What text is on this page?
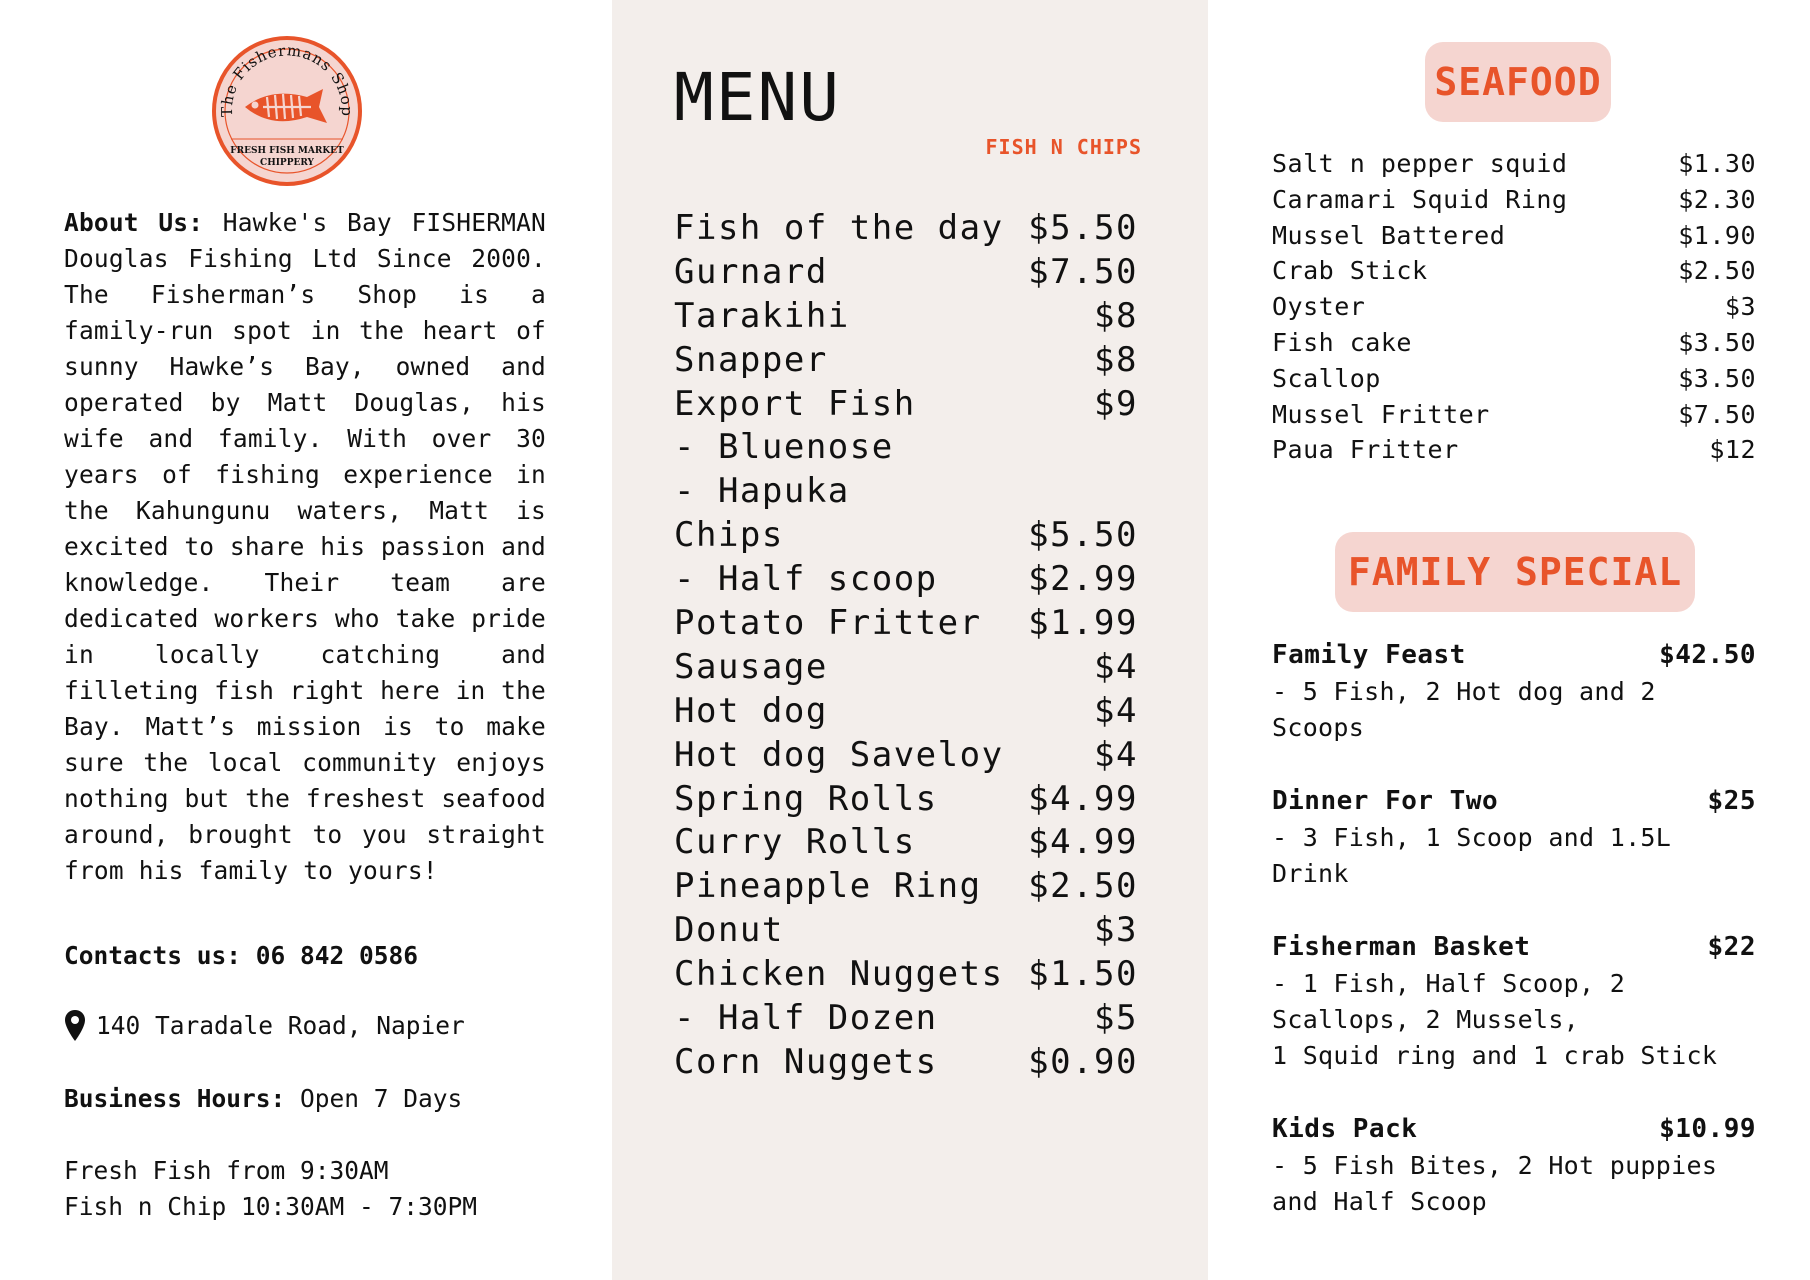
The Fishermans Shop
FRESH FISH MARKET
CHIPPERY

About Us: Hawke's Bay FISHERMAN Douglas Fishing Ltd Since 2000. The Fisherman’s Shop is a family-run spot in the heart of sunny Hawke’s Bay, owned and operated by Matt Douglas, his wife and family. With over 30 years of fishing experience in the Kahungunu waters, Matt is excited to share his passion and knowledge. Their team are dedicated workers who take pride in locally catching and filleting fish right here in the Bay. Matt’s mission is to make sure the local community enjoys nothing but the freshest seafood around, brought to you straight from his family to yours!

Contacts us: 06 842 0586
140 Taradale Road, Napier
Business Hours: Open 7 Days
Fresh Fish from 9:30AM
Fish n Chip 10:30AM - 7:30PM
MENU
FISH N CHIPS
Fish of the day $5.50
Gurnard	$7.50
Tarakihi	$8
Snapper	$8
Export Fish	$9
- Bluenose
- Hapuka
Chips	$5.50
- Half scoop	$2.99
Potato Fritter $1.99
Sausage	$4
Hot dog	$4
Hot dog Saveloy	$4
Spring Rolls	$4.99
Curry Rolls	$4.99
Pineapple Ring $2.50
Donut	$3
Chicken Nuggets $1.50
- Half Dozen	$5
Corn Nuggets	$0.90
SEAFOOD
Salt n pepper squid	$1.30
Caramari Squid Ring	$2.30
Mussel Battered	$1.90
Crab Stick	$2.50
Oyster	$3
Fish cake	$3.50
Scallop	$3.50
Mussel Fritter	$7.50
Paua Fritter	$12
FAMILY SPECIAL
Family Feast	$42.50
- 5 Fish, 2 Hot dog and 2
Scoops
Dinner For Two	$25
- 3 Fish, 1 Scoop and 1.5L
Drink
Fisherman Basket	$22
- 1 Fish, Half Scoop, 2
Scallops, 2 Mussels,
1 Squid ring and 1 crab Stick
Kids Pack	$10.99
- 5 Fish Bites, 2 Hot puppies
and Half Scoop
